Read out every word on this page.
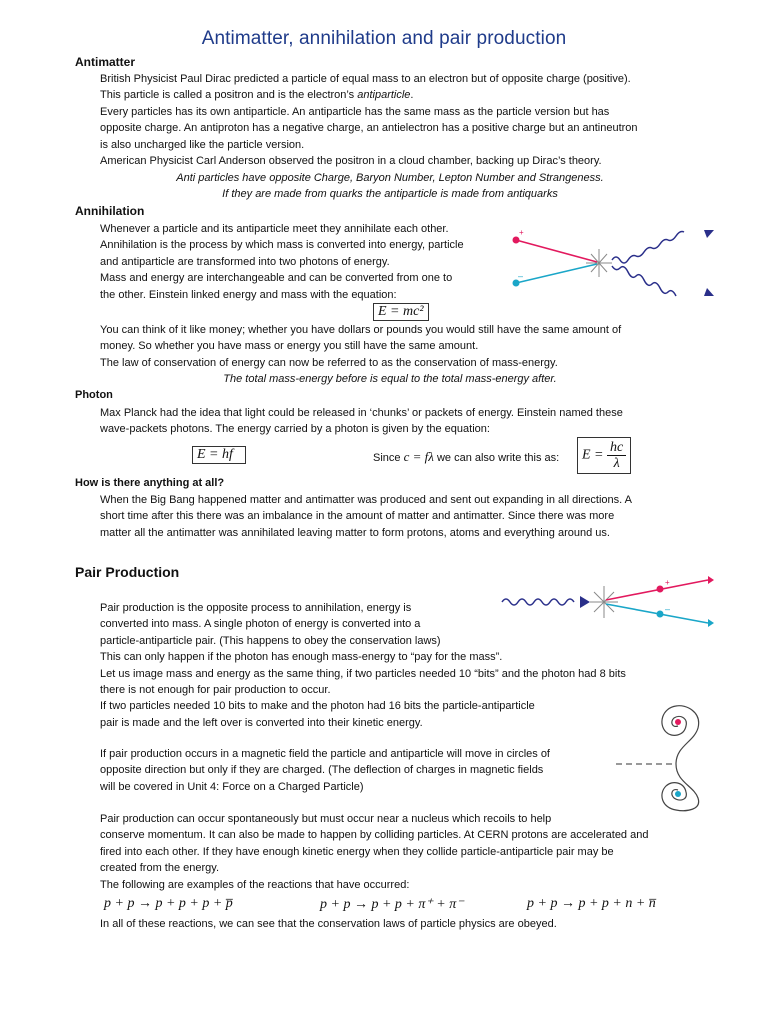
Antimatter, annihilation and pair production
Antimatter
British Physicist Paul Dirac predicted a particle of equal mass to an electron but of opposite charge (positive).
This particle is called a positron and is the electron’s antiparticle.
Every particles has its own antiparticle. An antiparticle has the same mass as the particle version but has
opposite charge. An antiproton has a negative charge, an antielectron has a positive charge but an antineutron
is also uncharged like the particle version.
American Physicist Carl Anderson observed the positron in a cloud chamber, backing up Dirac’s theory.
Anti particles have opposite Charge, Baryon Number, Lepton Number and Strangeness.
If they are made from quarks the antiparticle is made from antiquarks
Annihilation
Whenever a particle and its antiparticle meet they annihilate each other.
Annihilation is the process by which mass is converted into energy, particle
and antiparticle are transformed into two photons of energy.
Mass and energy are interchangeable and can be converted from one to
the other. Einstein linked energy and mass with the equation:
E = mc²
You can think of it like money; whether you have dollars or pounds you would still have the same amount of
money. So whether you have mass or energy you still have the same amount.
The law of conservation of energy can now be referred to as the conservation of mass-energy.
The total mass-energy before is equal to the total mass-energy after.
+
–
Photon
Max Planck had the idea that light could be released in ‘chunks’ or packets of energy. Einstein named these
wave-packets photons. The energy carried by a photon is given by the equation:
E = hf	Since c = fλ we can also write this as:	$E = \frac{hc}{\lambda}$
How is there anything at all?
When the Big Bang happened matter and antimatter was produced and sent out expanding in all directions. A
short time after this there was an imbalance in the amount of matter and antimatter. Since there was more
matter all the antimatter was annihilated leaving matter to form protons, atoms and everything around us.
Pair Production
+
–
Pair production is the opposite process to annihilation, energy is
converted into mass. A single photon of energy is converted into a
particle-antiparticle pair. (This happens to obey the conservation laws)
This can only happen if the photon has enough mass-energy to “pay for the mass”.
Let us image mass and energy as the same thing, if two particles needed 10 “bits” and the photon had 8 bits
there is not enough for pair production to occur.
If two particles needed 10 bits to make and the photon had 16 bits the particle-antiparticle
pair is made and the left over is converted into their kinetic energy.
If pair production occurs in a magnetic field the particle and antiparticle will move in circles of
opposite direction but only if they are charged. (The deflection of charges in magnetic fields
will be covered in Unit 4: Force on a Charged Particle)
Pair production can occur spontaneously but must occur near a nucleus which recoils to help
conserve momentum. It can also be made to happen by colliding particles. At CERN protons are accelerated and
fired into each other. If they have enough kinetic energy when they collide particle-antiparticle pair may be
created from the energy.
The following are examples of the reactions that have occurred:
p + p → p + p + p + p̅	p + p → p + p + π⁺ + π⁻	p + p → p + p + n + n̅
In all of these reactions, we can see that the conservation laws of particle physics are obeyed.
